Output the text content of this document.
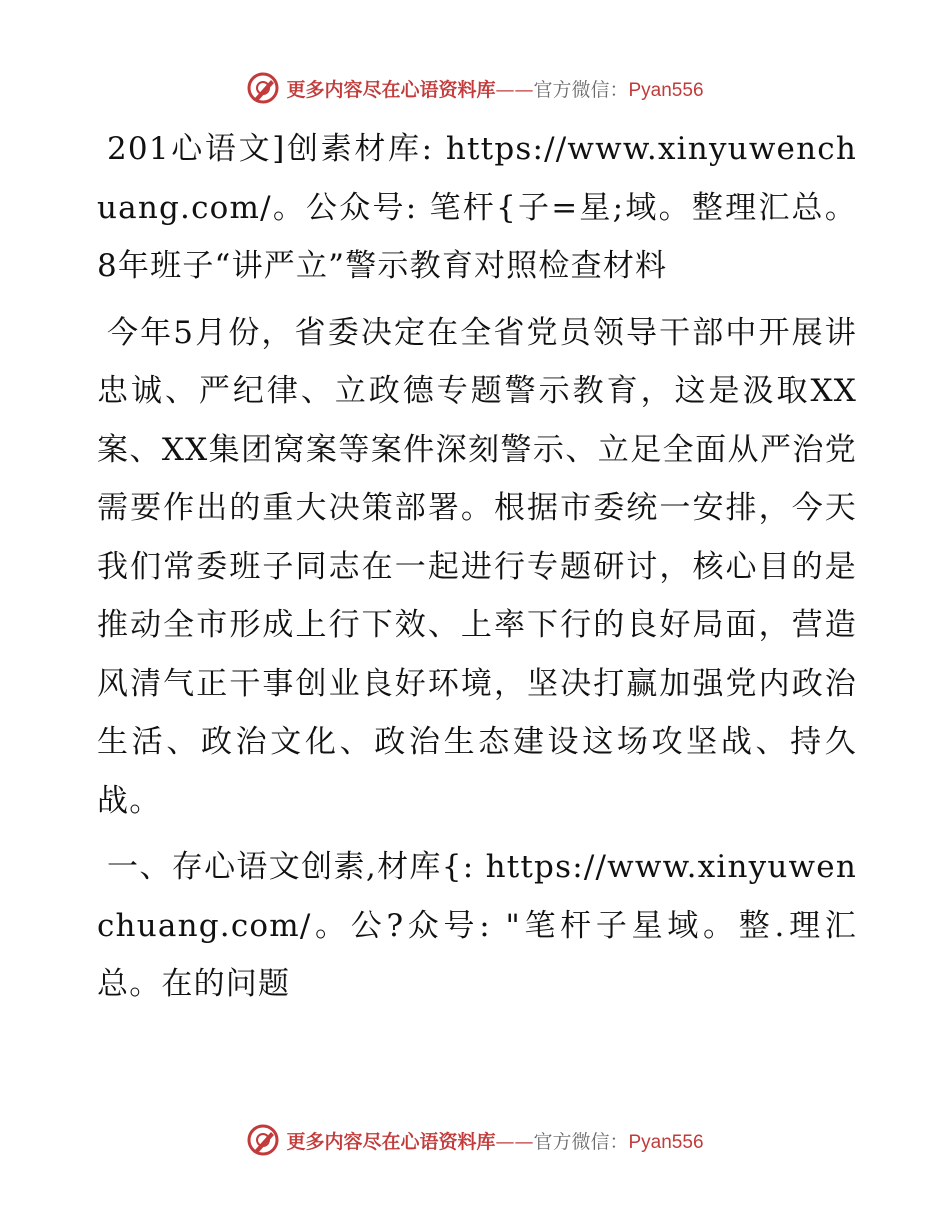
更多内容尽在心语资料库——官方微信：Pyan556

201心语文]创素材库: https://www.xinyuwenchuang.com/。公众号: 笔杆{子=星;域。整理汇总。8年班子“讲严立”警示教育对照检查材料

今年5月份，省委决定在全省党员领导干部中开展讲忠诚、严纪律、立政德专题警示教育，这是汲取XX案、XX集团窝案等案件深刻警示、立足全面从严治党需要作出的重大决策部署。根据市委统一安排，今天我们常委班子同志在一起进行专题研讨，核心目的是推动全市形成上行下效、上率下行的良好局面，营造风清气正干事创业良好环境，坚决打赢加强党内政治生活、政治文化、政治生态建设这场攻坚战、持久战。

一、存心语文创素,材库{: https://www.xinyuwenchuang.com/。公?众号: "笔杆子星域。整.理汇总。在的问题

更多内容尽在心语资料库——官方微信：Pyan556
